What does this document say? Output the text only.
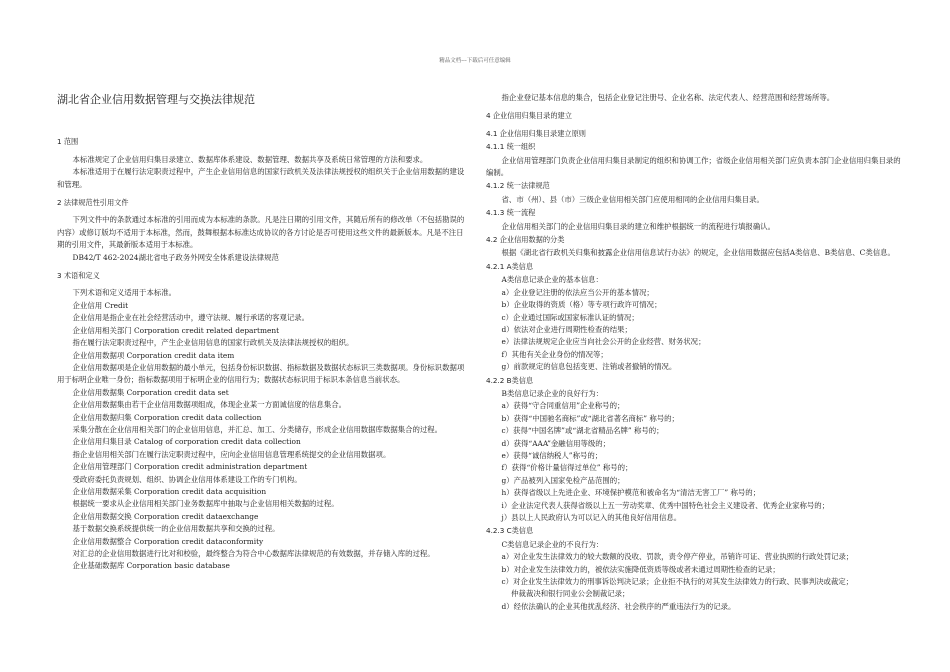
精品文档---下载后可任意编辑
湖北省企业信用数据管理与交换法律规范
1 范围

本标准规定了企业信用归集目录建立、数据库体系建设、数据管理、数据共享及系统日常管理的方法和要求。

本标准适用于在履行法定职责过程中，产生企业信用信息的国家行政机关及法律法规授权的组织关于企业信用数据的建设和管理。

2 法律规范性引用文件

下列文件中的条款通过本标准的引用而成为本标准的条款。凡是注日期的引用文件，其随后所有的修改单（不包括勘误的内容）或修订版均不适用于本标准，然而，鼓舞根据本标准达成协议的各方讨论是否可使用这些文件的最新版本。凡是不注日期的引用文件，其最新版本适用于本标准。

DB42/T 462-2024湖北省电子政务外网安全体系建设法律规范

3 术语和定义

下列术语和定义适用于本标准。

企业信用 Credit

企业信用是指企业在社会经营活动中，遵守法规、履行承诺的客观记录。

企业信用相关部门 Corporation credit related department

指在履行法定职责过程中，产生企业信用信息的国家行政机关及法律法规授权的组织。

企业信用数据项 Corporation credit data item

企业信用数据项是企业信用数据的最小单元，包括身份标识数据、指标数据及数据状态标识三类数据项。身份标识数据项用于标明企业唯一身份；指标数据项用于标明企业的信用行为；数据状态标识用于标识本条信息当前状态。

企业信用数据集 Corporation credit data set

企业信用数据集由若干企业信用数据项组成，体现企业某一方面诚信度的信息集合。

企业信用数据归集 Corporation credit data collection

采集分散在企业信用相关部门的企业信用信息，并汇总、加工、分类储存，形成企业信用数据库数据集合的过程。

企业信用归集目录 Catalog of corporation credit data collection

指企业信用相关部门在履行法定职责过程中，应向企业信用信息管理系统提交的企业信用数据项。

企业信用管理部门 Corporation credit administration department

受政府委托负责规划、组织、协调企业信用体系建设工作的专门机构。

企业信用数据采集 Corporation credit data acquisition

根据统一要求从企业信用相关部门业务数据库中抽取与企业信用相关数据的过程。

企业信用数据交换 Corporation credit dataexchange

基于数据交换系统提供统一的企业信用数据共享和交换的过程。

企业信用数据整合 Corporation credit dataconformity

对汇总的企业信用数据进行比对和校验，最终整合为符合中心数据库法律规范的有效数据，并存储入库的过程。

企业基础数据库 Corporation basic database

指企业登记基本信息的集合，包括企业登记注册号、企业名称、法定代表人、经营范围和经营场所等。

4 企业信用归集目录的建立
4.1 企业信用归集目录建立原则
4.1.1 统一组织

企业信用管理部门负责企业信用归集目录制定的组织和协调工作；省级企业信用相关部门应负责本部门企业信用归集目录的编制。

4.1.2 统一法律规范

省、市（州）、县（市）三级企业信用相关部门应使用相同的企业信用归集目录。

4.1.3 统一流程

企业信用相关部门的企业信用归集目录的建立和维护根据统一的流程进行填报确认。

4.2 企业信用数据的分类

根据《湖北省行政机关归集和披露企业信用信息试行办法》的规定，企业信用数据应包括A类信息、B类信息、C类信息。

4.2.1 A类信息

A类信息记录企业的基本信息：

a）企业登记注册的依法应当公开的基本情况；

b）企业取得的资质（格）等专项行政许可情况；

c）企业通过国际或国家标准认证的情况；

d）依法对企业进行周期性检查的结果；

e）法律法规规定企业应当向社会公开的企业经营、财务状况；

f）其他有关企业身份的情况等；

g）前款规定的信息包括变更、注销或者撤销的情况。

4.2.2 B类信息

B类信息记录企业的良好行为：

a）获得“守合同重信用”企业称号的；

b）获得“中国驰名商标”或“湖北省著名商标” 称号的；

c）获得“中国名牌”或“湖北省精品名牌” 称号的；

d）获得“AAA”金融信用等级的；

e）获得“诚信纳税人”称号的；

f）获得“价格计量信得过单位” 称号的；

g）产品被列入国家免检产品范围的；

h）获得省级以上先进企业、环境保护模范和被命名为“清洁无害工厂” 称号的；

i）企业法定代表人获得省级以上五一劳动奖章、优秀中国特色社会主义建设者、优秀企业家称号的；

j）县以上人民政府认为可以记入的其他良好信用信息。

4.2.3 C类信息

C类信息记录企业的不良行为：

a）对企业发生法律效力的较大数额的没收、罚款，责令停产停业，吊销许可证、营业执照的行政处罚记录；

b）对企业发生法律效力的，被依法实施降低资质等级或者未通过周期性检查的记录；

c）对企业发生法律效力的刑事诉讼判决记录；企业拒不执行的对其发生法律效力的行政、民事判决或裁定；

仲裁裁决和银行同业公会制裁记录；

d）经依法确认的企业其他扰乱经济、社会秩序的严重违法行为的记录。
